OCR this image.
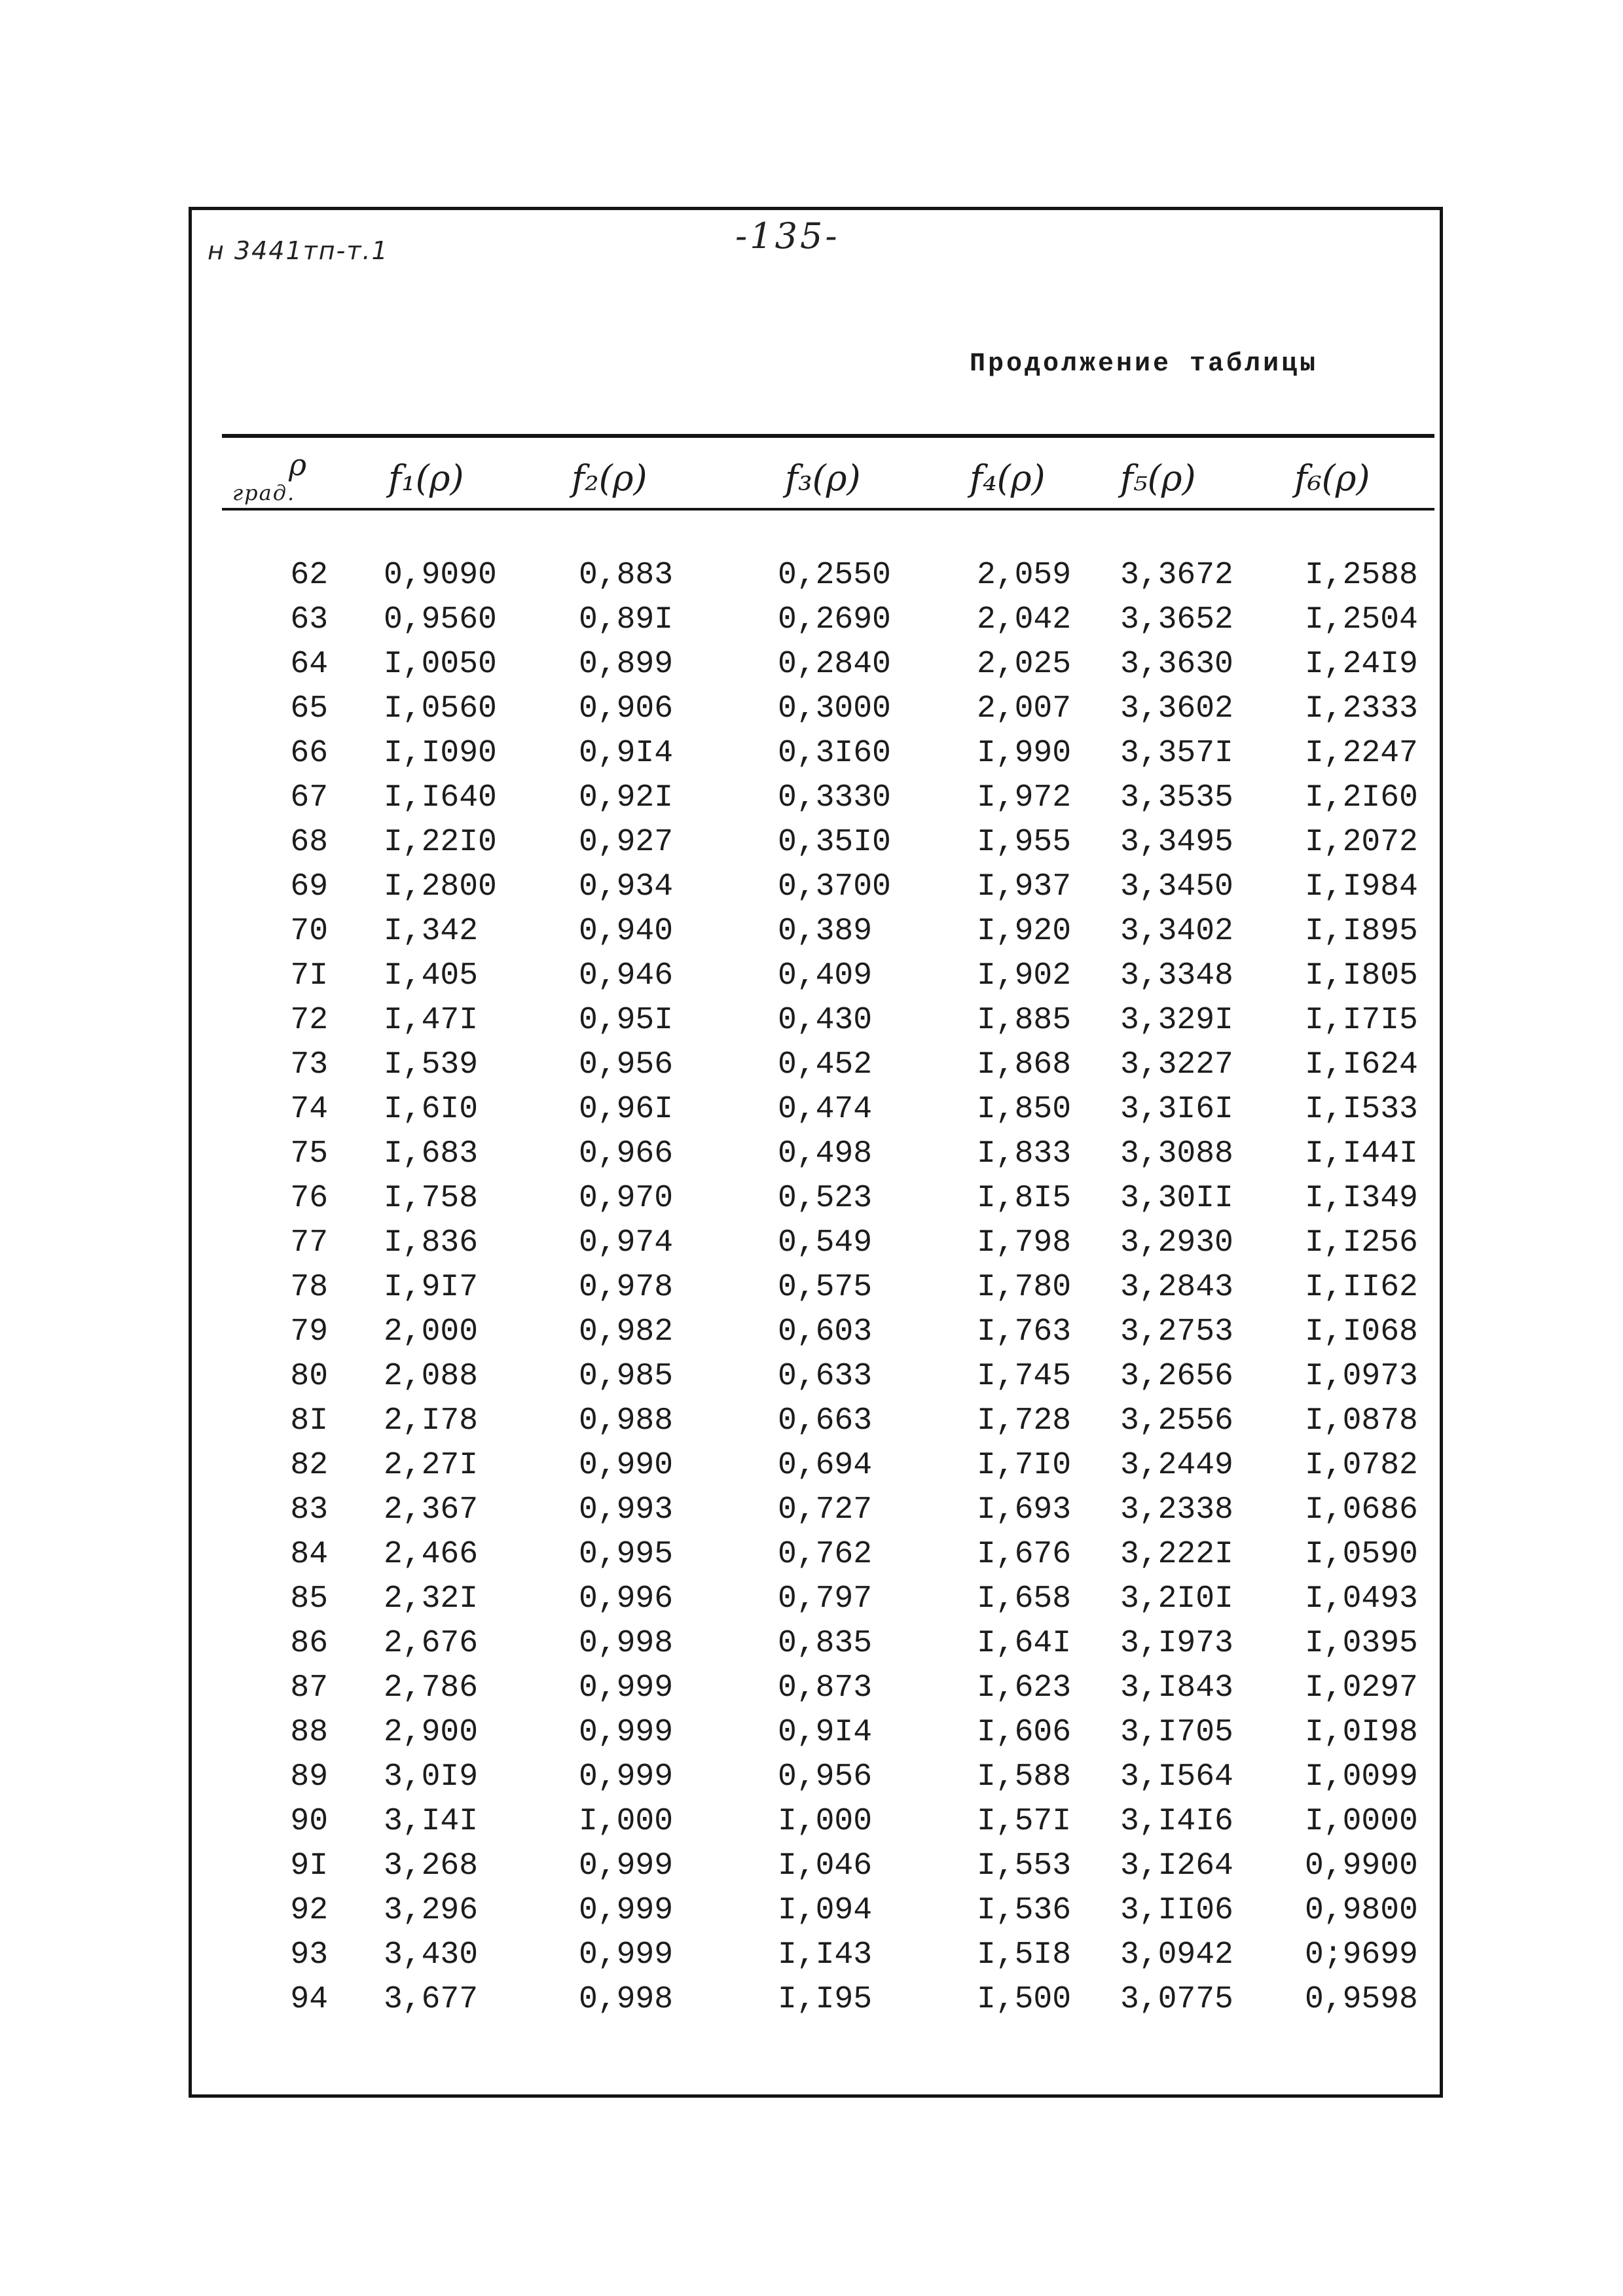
н 3441тп-т.1	-135-
Продолжение таблицы
ρ
град.	f₁(ρ)	f₂(ρ)	f₃(ρ)	f₄(ρ) f₅(ρ)	f₆(ρ)
62 0,9090	0,883	0,2550	2,059 3,3672 I,2588
63 0,9560	0,89I	0,2690	2,042 3,3652 I,2504
64 I,0050	0,899	0,2840	2,025 3,3630 I,24I9
65 I,0560	0,906	0,3000	2,007 3,3602 I,2333
66 I,I090	0,9I4	0,3I60	I,990 3,357I I,2247
67 I,I640	0,92I	0,3330	I,972 3,3535 I,2I60
68 I,22I0	0,927	0,35I0	I,955 3,3495 I,2072
69 I,2800	0,934	0,3700	I,937 3,3450 I,I984
70 I,342	0,940	0,389	I,920 3,3402 I,I895
7I I,405	0,946	0,409	I,902 3,3348 I,I805
72 I,47I	0,95I	0,430	I,885 3,329I I,I7I5
73 I,539	0,956	0,452	I,868 3,3227 I,I624
74 I,6I0	0,96I	0,474	I,850 3,3I6I I,I533
75 I,683	0,966	0,498	I,833 3,3088 I,I44I
76 I,758	0,970	0,523	I,8I5 3,30II I,I349
77 I,836	0,974	0,549	I,798 3,2930 I,I256
78 I,9I7	0,978	0,575	I,780 3,2843 I,II62
79 2,000	0,982	0,603	I,763 3,2753 I,I068
80 2,088	0,985	0,633	I,745 3,2656 I,0973
8I 2,I78	0,988	0,663	I,728 3,2556 I,0878
82 2,27I	0,990	0,694	I,7I0 3,2449 I,0782
83 2,367	0,993	0,727	I,693 3,2338 I,0686
84 2,466	0,995	0,762	I,676 3,222I I,0590
85 2,32I	0,996	0,797	I,658 3,2I0I I,0493
86 2,676	0,998	0,835	I,64I 3,I973 I,0395
87 2,786	0,999	0,873	I,623 3,I843 I,0297
88 2,900	0,999	0,9I4	I,606 3,I705 I,0I98
89 3,0I9	0,999	0,956	I,588 3,I564 I,0099
90 3,I4I	I,000	I,000	I,57I 3,I4I6 I,0000
9I 3,268	0,999	I,046	I,553 3,I264 0,9900
92 3,296	0,999	I,094	I,536 3,II06 0,9800
93 3,430	0,999	I,I43	I,5I8 3,0942 0;9699
94 3,677	0,998	I,I95	I,500 3,0775 0,9598
